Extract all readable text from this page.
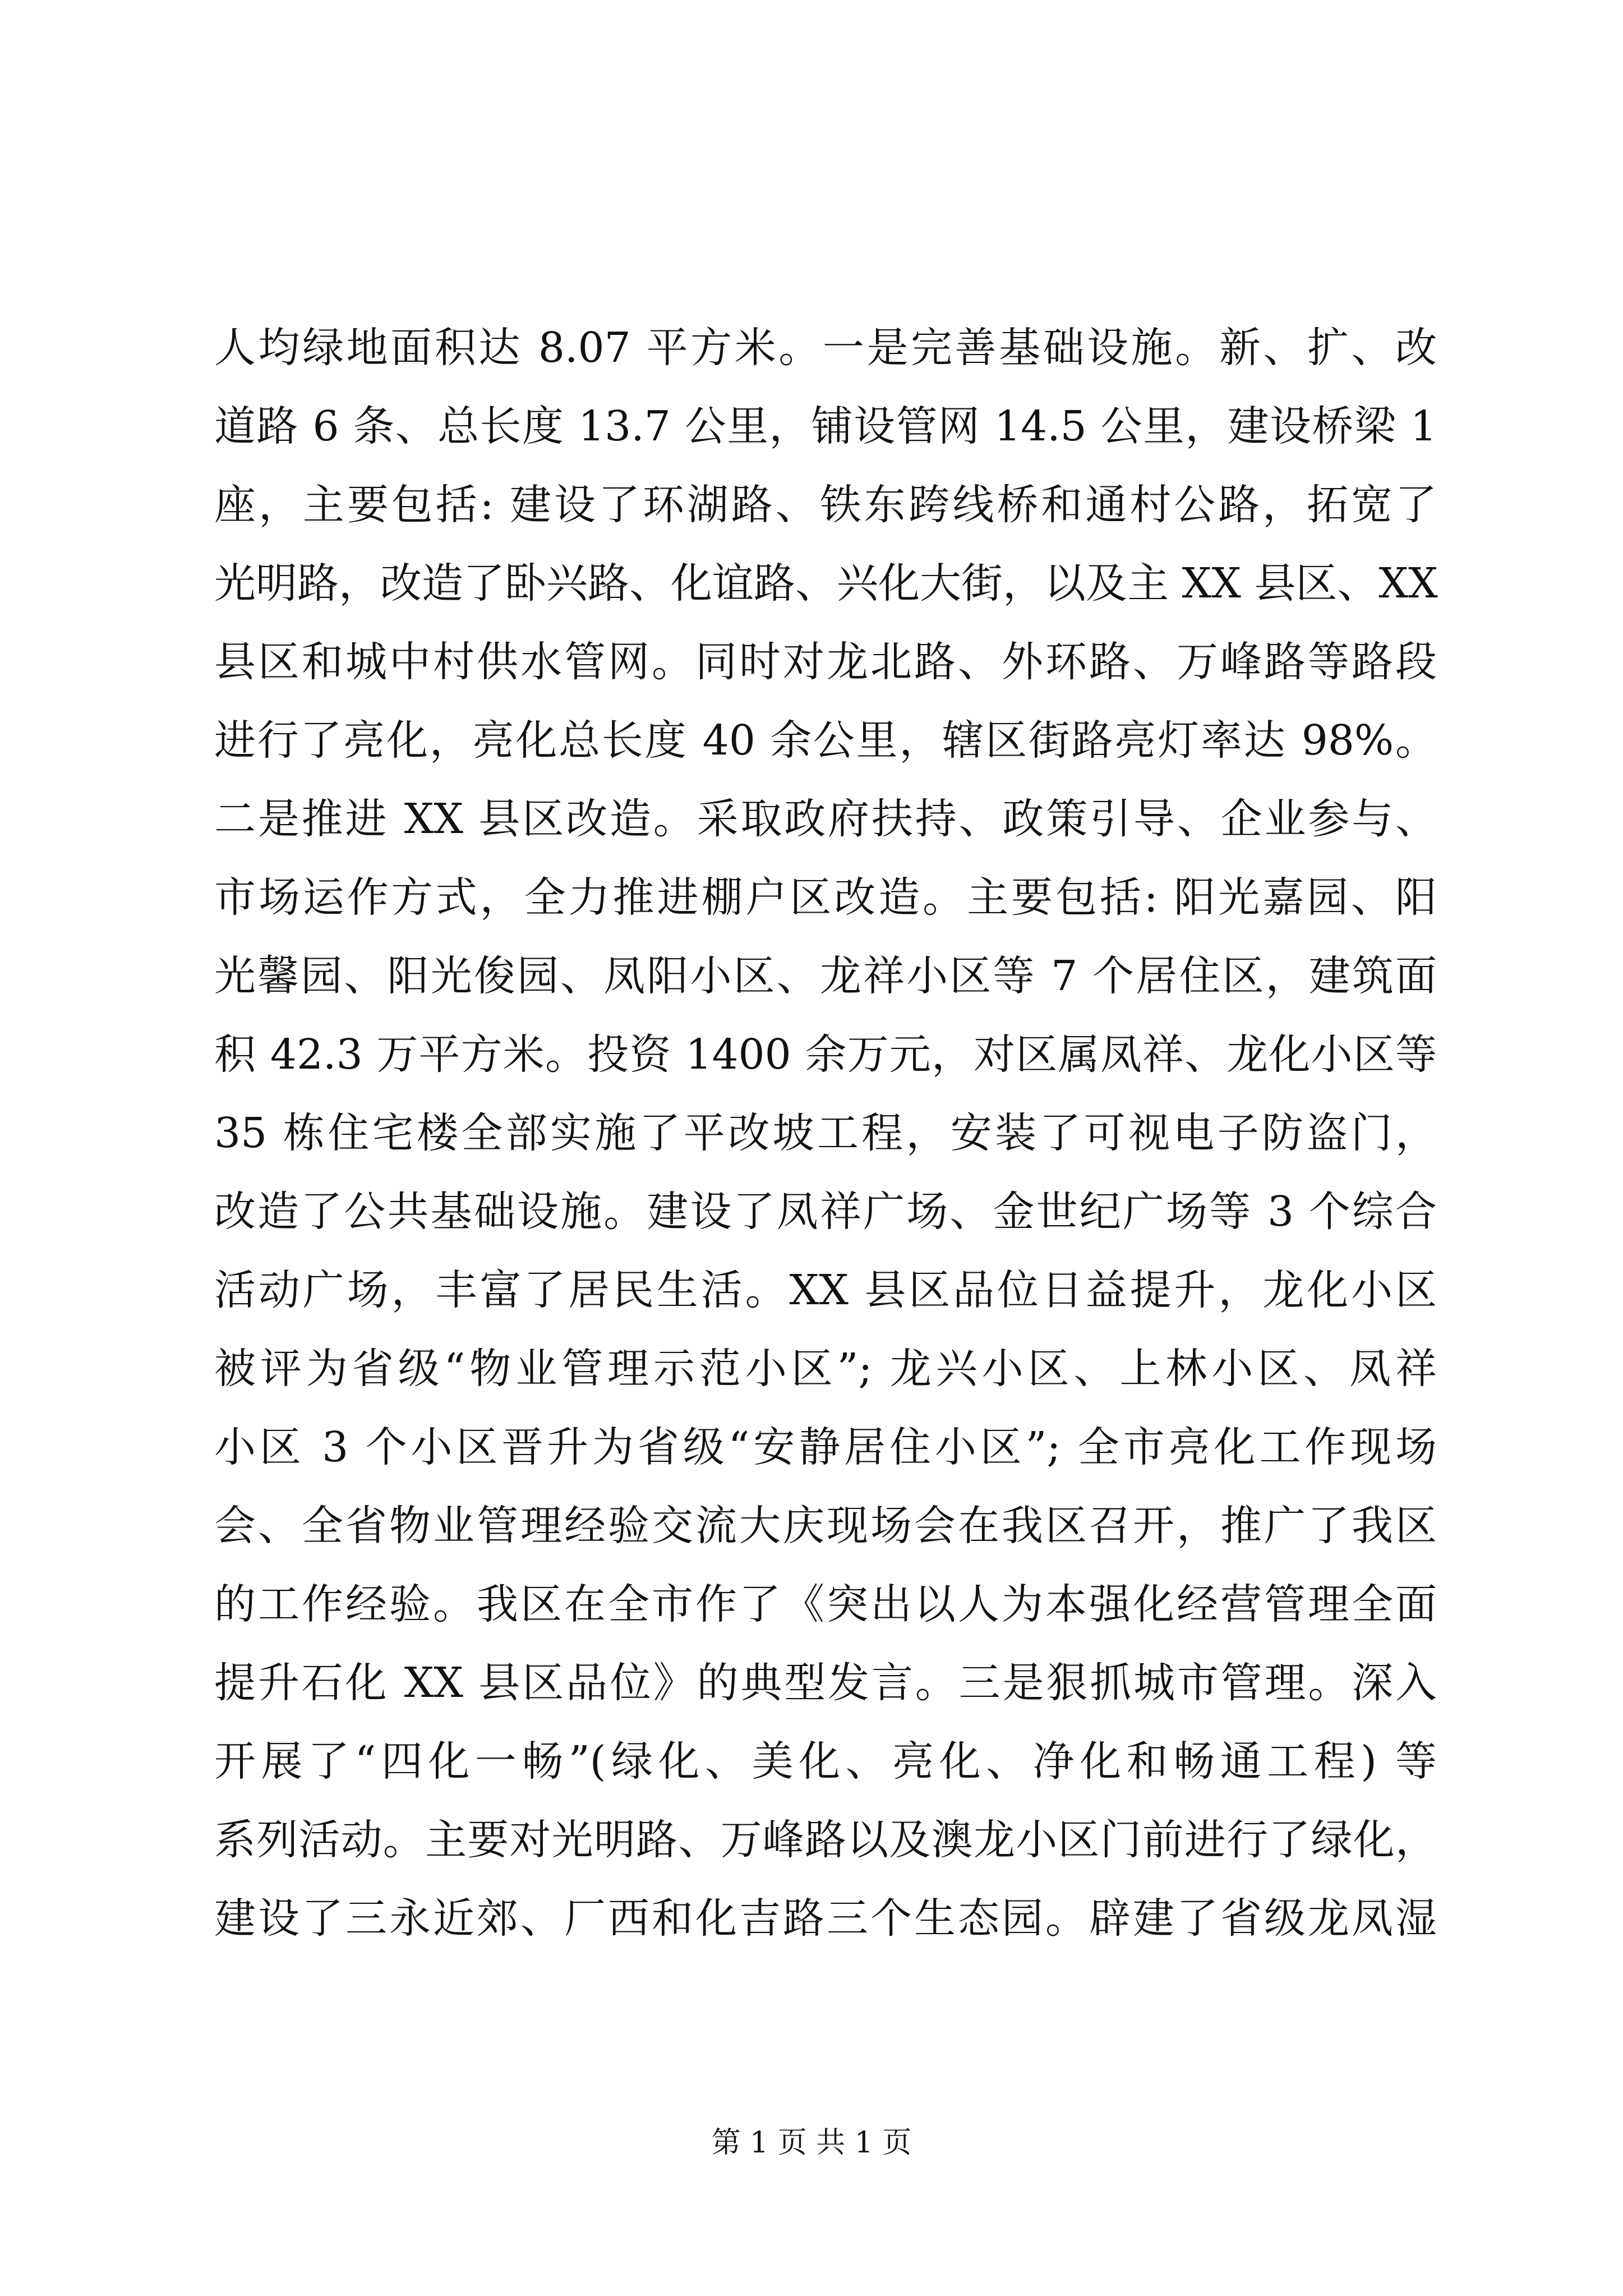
人均绿地面积达 8.07 平方米。一是完善基础设施。新、扩、改
道路 6 条、总长度 13.7 公里，铺设管网 14.5 公里，建设桥梁 1
座，主要包括: 建设了环湖路、铁东跨线桥和通村公路，拓宽了
光明路，改造了卧兴路、化谊路、兴化大街，以及主 XX 县区、XX
县区和城中村供水管网。同时对龙北路、外环路、万峰路等路段
进行了亮化，亮化总长度 40 余公里，辖区街路亮灯率达 98%。
二是推进 XX 县区改造。采取政府扶持、政策引导、企业参与、
市场运作方式，全力推进棚户区改造。主要包括: 阳光嘉园、阳
光馨园、阳光俊园、凤阳小区、龙祥小区等 7 个居住区，建筑面
积 42.3 万平方米。投资 1400 余万元，对区属凤祥、龙化小区等
35 栋住宅楼全部实施了平改坡工程，安装了可视电子防盗门，
改造了公共基础设施。建设了凤祥广场、金世纪广场等 3 个综合
活动广场，丰富了居民生活。XX 县区品位日益提升，龙化小区
被评为省级“物业管理示范小区”; 龙兴小区、上林小区、凤祥
小区 3 个小区晋升为省级“安静居住小区”; 全市亮化工作现场
会、全省物业管理经验交流大庆现场会在我区召开，推广了我区
的工作经验。我区在全市作了《突出以人为本强化经营管理全面
提升石化 XX 县区品位》的典型发言。三是狠抓城市管理。深入
开展了“四化一畅”(绿化、美化、亮化、净化和畅通工程) 等
系列活动。主要对光明路、万峰路以及澳龙小区门前进行了绿化，
建设了三永近郊、厂西和化吉路三个生态园。辟建了省级龙凤湿
第 1 页 共 1 页
